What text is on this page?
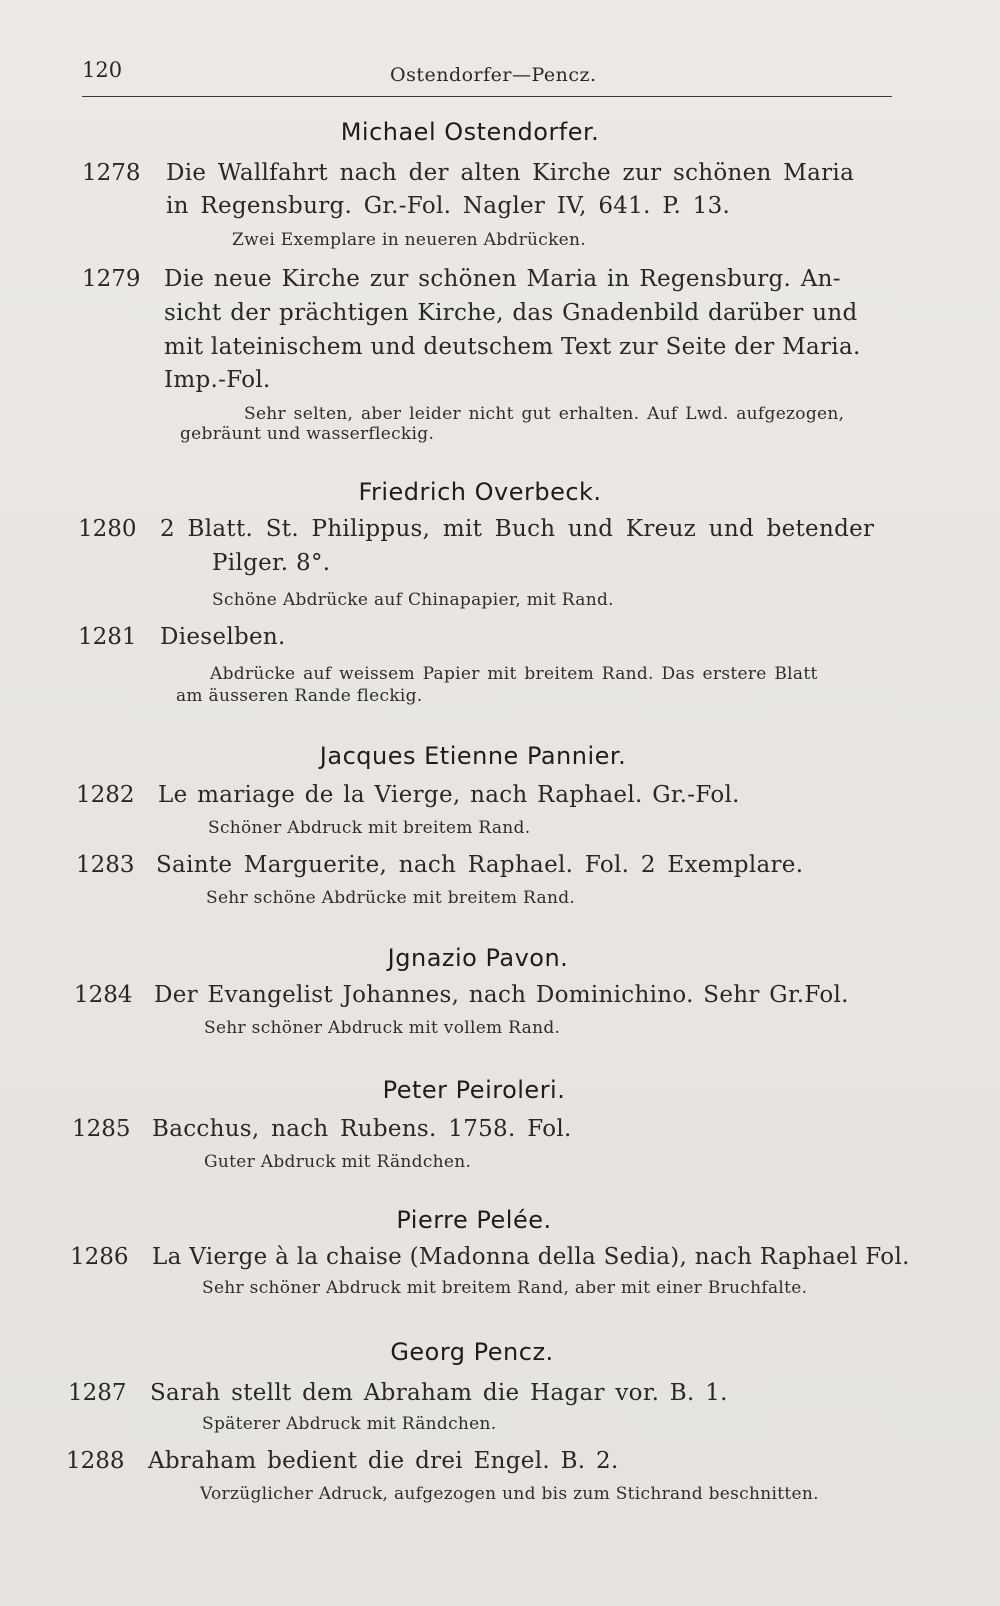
120	Ostendorfer—Pencz.
Michael Ostendorfer.
1278 Die Wallfahrt nach der alten Kirche zur schönen Maria
in Regensburg. Gr.-Fol. Nagler IV, 641. P. 13.
Zwei Exemplare in neueren Abdrücken.
1279 Die neue Kirche zur schönen Maria in Regensburg. An-
sicht der prächtigen Kirche, das Gnadenbild darüber und
mit lateinischem und deutschem Text zur Seite der Maria.
Imp.-Fol.
Sehr selten, aber leider nicht gut erhalten. Auf Lwd. aufgezogen,
gebräunt und wasserfleckig.
Friedrich Overbeck.
1280 2 Blatt. St. Philippus, mit Buch und Kreuz und betender
Pilger. 8°.
Schöne Abdrücke auf Chinapapier, mit Rand.
1281 Dieselben.
Abdrücke auf weissem Papier mit breitem Rand. Das erstere Blatt
am äusseren Rande fleckig.
Jacques Etienne Pannier.
1282 Le mariage de la Vierge, nach Raphael. Gr.-Fol.
Schöner Abdruck mit breitem Rand.
1283 Sainte Marguerite, nach Raphael. Fol. 2 Exemplare.
Sehr schöne Abdrücke mit breitem Rand.
Jgnazio Pavon.
1284 Der Evangelist Johannes, nach Dominichino. Sehr Gr.Fol.
Sehr schöner Abdruck mit vollem Rand.
Peter Peiroleri.
1285 Bacchus, nach Rubens. 1758. Fol.
Guter Abdruck mit Rändchen.
Pierre Pelée.
1286 La Vierge à la chaise (Madonna della Sedia), nach Raphael Fol.
Sehr schöner Abdruck mit breitem Rand, aber mit einer Bruchfalte.
Georg Pencz.
1287 Sarah stellt dem Abraham die Hagar vor. B. 1.
Späterer Abdruck mit Rändchen.
1288 Abraham bedient die drei Engel. B. 2.
Vorzüglicher Adruck, aufgezogen und bis zum Stichrand beschnitten.
